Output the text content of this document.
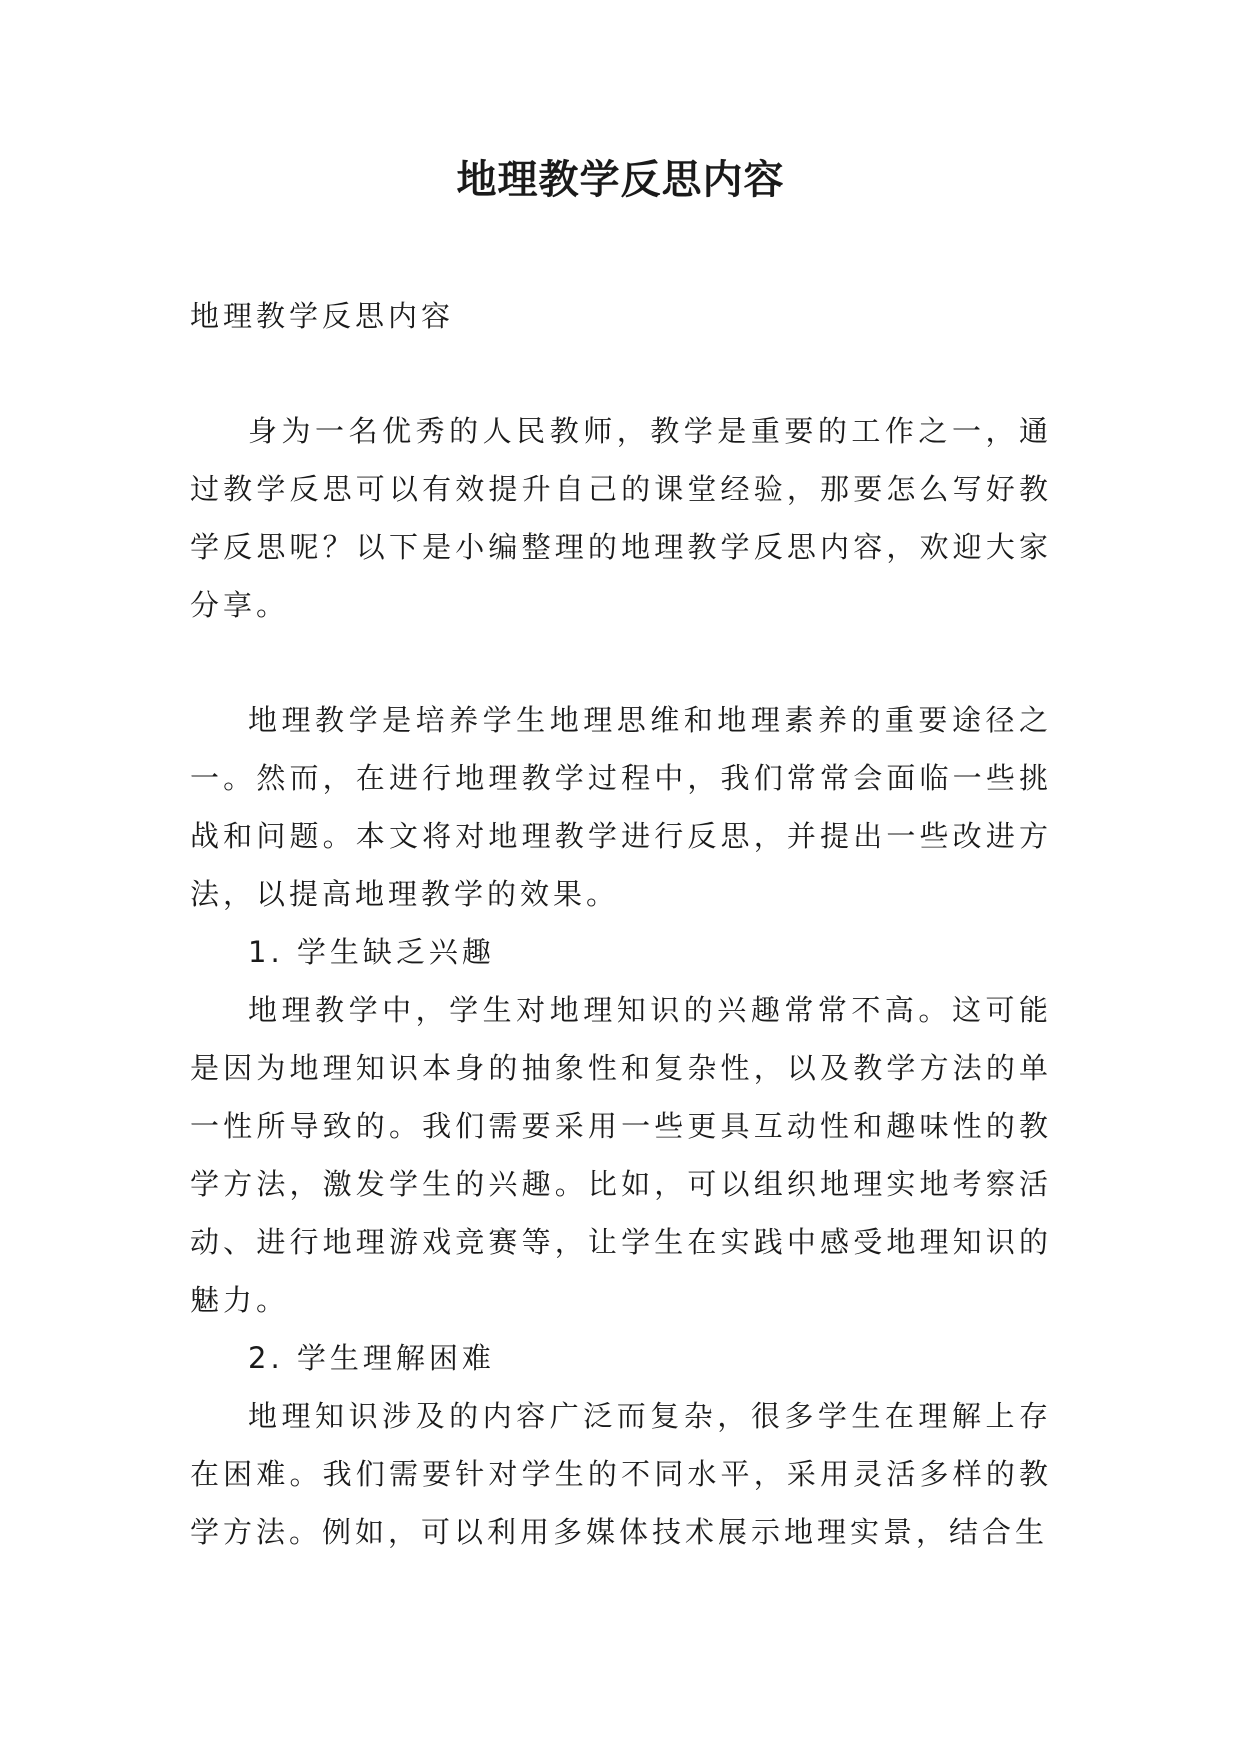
地理教学反思内容
地理教学反思内容

身为一名优秀的人民教师，教学是重要的工作之一，通过教学反思可以有效提升自己的课堂经验，那要怎么写好教学反思呢？以下是小编整理的地理教学反思内容，欢迎大家分享。

地理教学是培养学生地理思维和地理素养的重要途径之一。然而，在进行地理教学过程中，我们常常会面临一些挑战和问题。本文将对地理教学进行反思，并提出一些改进方法，以提高地理教学的效果。

1. 学生缺乏兴趣

地理教学中，学生对地理知识的兴趣常常不高。这可能是因为地理知识本身的抽象性和复杂性，以及教学方法的单一性所导致的。我们需要采用一些更具互动性和趣味性的教学方法，激发学生的兴趣。比如，可以组织地理实地考察活动、进行地理游戏竞赛等，让学生在实践中感受地理知识的魅力。

2. 学生理解困难

地理知识涉及的内容广泛而复杂，很多学生在理解上存在困难。我们需要针对学生的不同水平，采用灵活多样的教学方法。例如，可以利用多媒体技术展示地理实景，结合生
